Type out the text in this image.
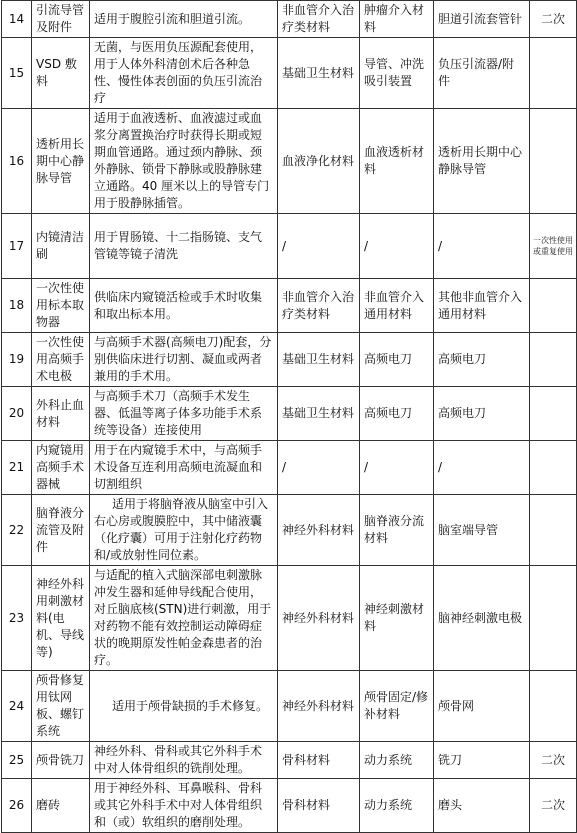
14	引流导管及附件	适用于腹腔引流和胆道引流。	非血管介入治疗类材料	肿瘤介入材料	胆道引流套管针	二次
15	VSD 敷料	无菌，与医用负压源配套使用，用于人体外科清创术后各种急性、慢性体表创面的负压引流治疗	基础卫生材料	导管、冲洗吸引装置	负压引流器/附件	
16	透析用长期中心静脉导管	适用于血液透析、血液滤过或血浆分离置换治疗时获得长期或短期血管通路。通过颈内静脉、颈外静脉、锁骨下静脉或股静脉建立通路。40 厘米以上的导管专门用于股静脉插管。	血液净化材料	血液透析材料	透析用长期中心静脉导管	
17	内镜清洁刷	用于胃肠镜、十二指肠镜、支气管镜等镜子清洗	/	/	/	一次性使用或重复使用
18	一次性使用标本取物器	供临床内窥镜活检或手术时收集和取出标本用。	非血管介入治疗类材料	非血管介入通用材料	其他非血管介入通用材料	
19	一次性使用高频手术电极	与高频手术器(高频电刀)配套，分别供临床进行切割、凝血或两者兼用的手术用。	基础卫生材料	高频电刀	高频电刀	
20	外科止血材料	与高频手术刀（高频手术发生器、低温等离子体多功能手术系统等设备）连接使用	基础卫生材料	高频电刀	高频电刀	
21	内窥镜用高频手术器械	用于在内窥镜手术中，与高频手术设备互连利用高频电流凝血和切割组织	/	/	/	
22	脑脊液分流管及附件	适用于将脑脊液从脑室中引入右心房或腹膜腔中，其中储液囊（化疗囊）可用于注射化疗药物和/或放射性同位素。	神经外科材料	脑脊液分流材料	脑室端导管	
23	神经外科用刺激材料(电机、导线等)	与适配的植入式脑深部电刺激脉冲发生器和延伸导线配合使用，对丘脑底核(STN)进行刺激，用于对药物不能有效控制运动障碍症状的晚期原发性帕金森患者的治疗。	神经外科材料	神经刺激材料	脑神经刺激电极	
24	颅骨修复用钛网板、螺钉系统	适用于颅骨缺损的手术修复。	神经外科材料	颅骨固定/修补材料	颅骨网	
25	颅骨铣刀	神经外科、骨科或其它外科手术中对人体骨组织的铣削处理。	骨科材料	动力系统	铣刀	二次
26	磨砖	用于神经外科、耳鼻喉科、骨科或其它外科手术中对人体骨组织和（或）软组织的磨削处理。	骨科材料	动力系统	磨头	二次
